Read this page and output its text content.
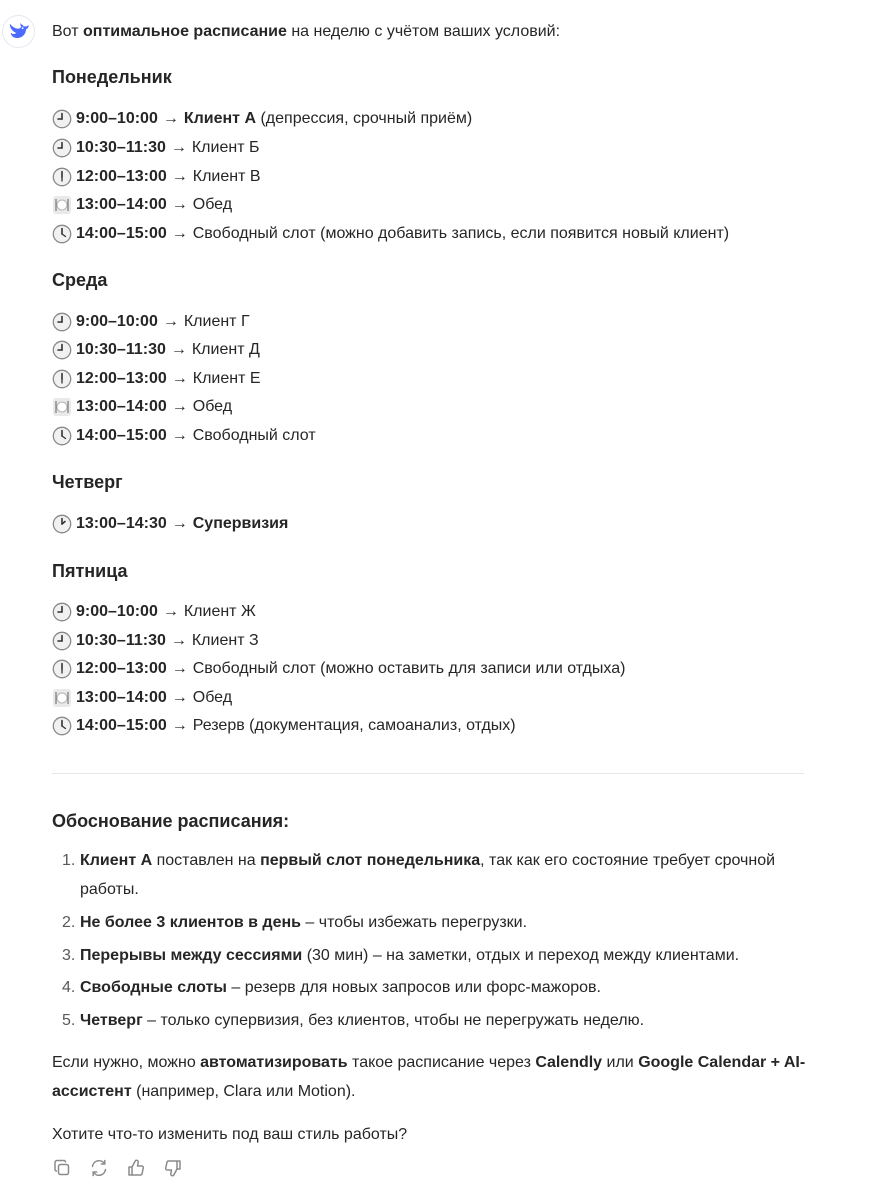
Вот оптимальное расписание на неделю с учётом ваших условий:
Понедельник
9:00–10:00 → Клиент А (депрессия, срочный приём)
10:30–11:30 → Клиент Б
12:00–13:00 → Клиент В
13:00–14:00 → Обед
14:00–15:00 → Свободный слот (можно добавить запись, если появится новый клиент)
Среда
9:00–10:00 → Клиент Г
10:30–11:30 → Клиент Д
12:00–13:00 → Клиент Е
13:00–14:00 → Обед
14:00–15:00 → Свободный слот
Четверг
13:00–14:30 → Супервизия
Пятница
9:00–10:00 → Клиент Ж
10:30–11:30 → Клиент З
12:00–13:00 → Свободный слот (можно оставить для записи или отдыха)
13:00–14:00 → Обед
14:00–15:00 → Резерв (документация, самоанализ, отдых)
Обоснование расписания:
1. Клиент А поставлен на первый слот понедельника, так как его состояние требует срочной работы.
2. Не более 3 клиентов в день – чтобы избежать перегрузки.
3. Перерывы между сессиями (30 мин) – на заметки, отдых и переход между клиентами.
4. Свободные слоты – резерв для новых запросов или форс-мажоров.
5. Четверг – только супервизия, без клиентов, чтобы не перегружать неделю.
Если нужно, можно автоматизировать такое расписание через Calendly или Google Calendar + AI-ассистент (например, Clara или Motion).
Хотите что-то изменить под ваш стиль работы?
